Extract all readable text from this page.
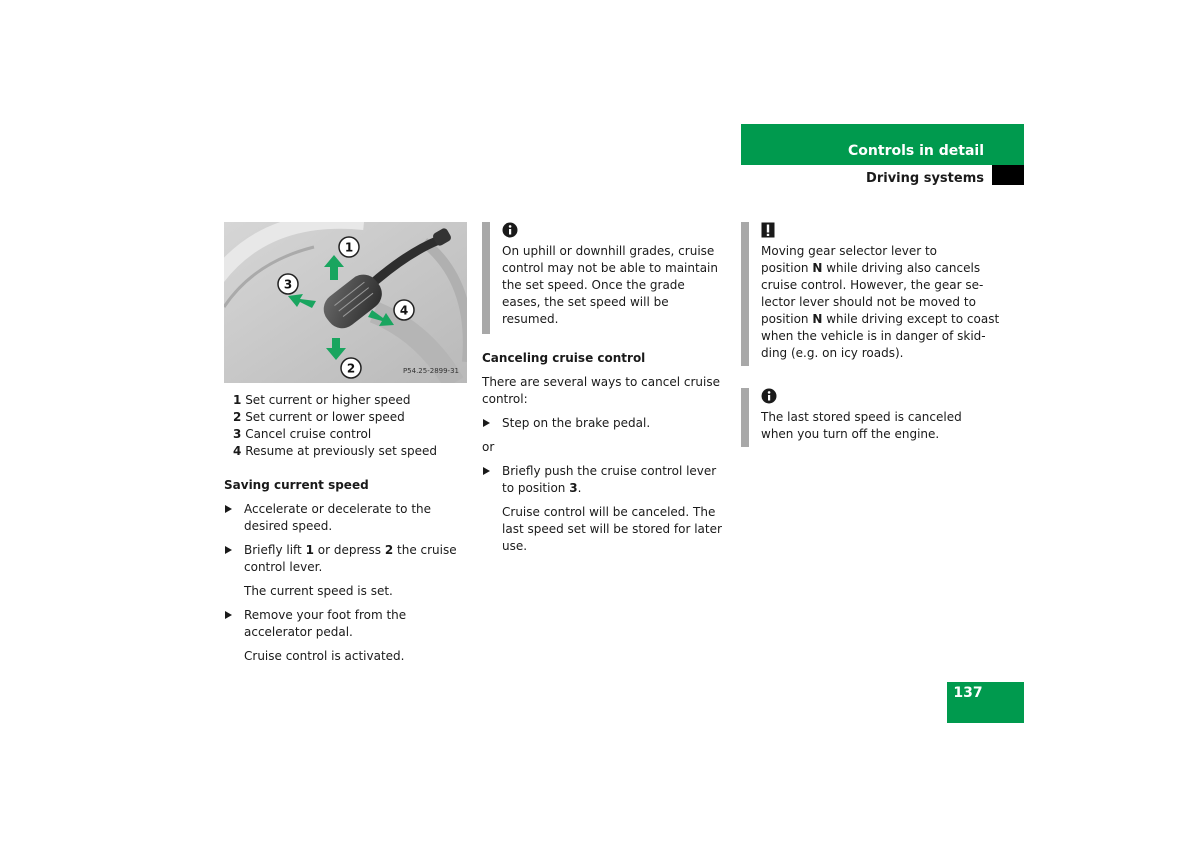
Controls in detail
Driving systems
1
2
3
4
P54.25-2899-31
1 Set current or higher speed
2 Set current or lower speed
3 Cancel cruise control
4 Resume at previously set speed
Saving current speed
Accelerate or decelerate to the desired speed.
Briefly lift 1 or depress 2 the cruise control lever.
The current speed is set.
Remove your foot from the accelerator pedal.
Cruise control is activated.
On uphill or downhill grades, cruise control may not be able to maintain the set speed. Once the grade eases, the set speed will be resumed.
Canceling cruise control
There are several ways to cancel cruise control:
Step on the brake pedal.
or
Briefly push the cruise control lever to position 3.
Cruise control will be canceled. The last speed set will be stored for later use.
Moving gear selector lever to
position N while driving also cancels
cruise control. However, the gear se-
lector lever should not be moved to
position N while driving except to coast
when the vehicle is in danger of skid-
ding (e.g. on icy roads).
The last stored speed is canceled when you turn off the engine.
137
